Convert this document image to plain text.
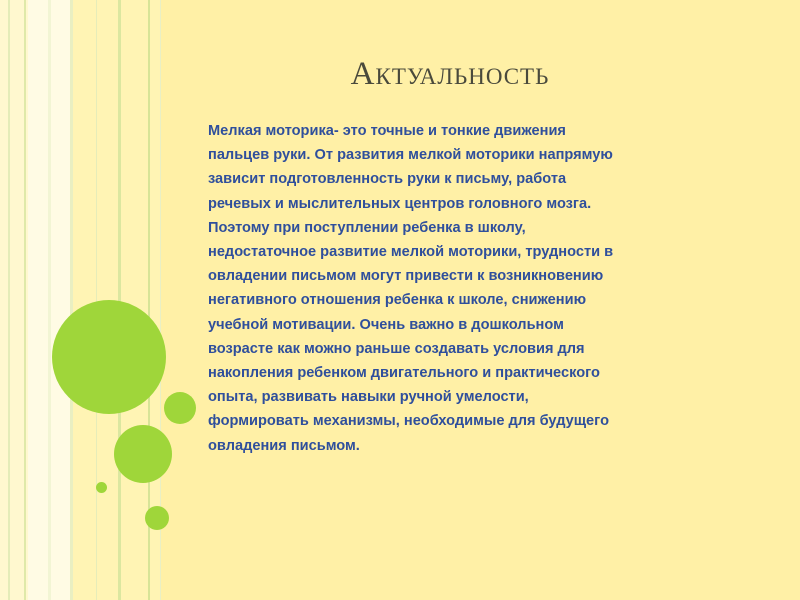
Актуальность

Мелкая моторика- это точные и тонкие движения
пальцев руки. От развития мелкой моторики напрямую
зависит подготовленность руки к письму, работа
речевых и мыслительных центров головного мозга.
Поэтому при поступлении ребенка в школу,
недостаточное развитие мелкой моторики, трудности в
овладении письмом могут привести к возникновению
негативного отношения ребенка к школе, снижению
учебной мотивации. Очень важно в дошкольном
возрасте как можно раньше создавать условия для
накопления ребенком двигательного и практического
опыта, развивать навыки ручной умелости,
формировать механизмы, необходимые для будущего
овладения письмом.
